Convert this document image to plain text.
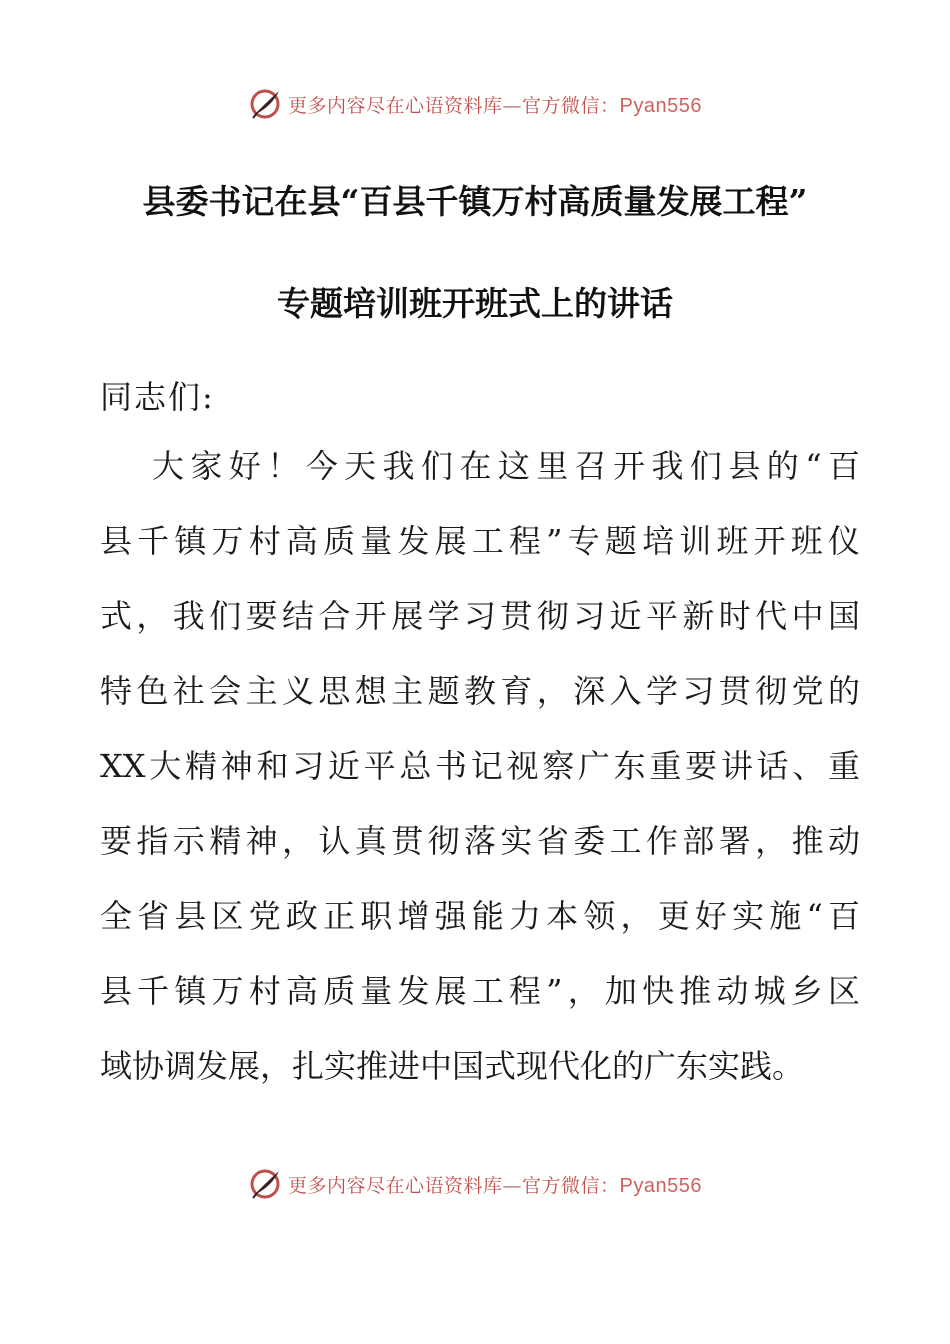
更多内容尽在心语资料库—官方微信：Pyan556
县委书记在县“百县千镇万村高质量发展工程”
专题培训班开班式上的讲话
同志们:
大家好！今天我们在这里召开我们县的“百
县千镇万村高质量发展工程”专题培训班开班仪
式，我们要结合开展学习贯彻习近平新时代中国
特色社会主义思想主题教育，深入学习贯彻党的
XX大精神和习近平总书记视察广东重要讲话、重
要指示精神，认真贯彻落实省委工作部署，推动
全省县区党政正职增强能力本领，更好实施“百
县千镇万村高质量发展工程”，加快推动城乡区
域协调发展，扎实推进中国式现代化的广东实践。
更多内容尽在心语资料库—官方微信：Pyan556
